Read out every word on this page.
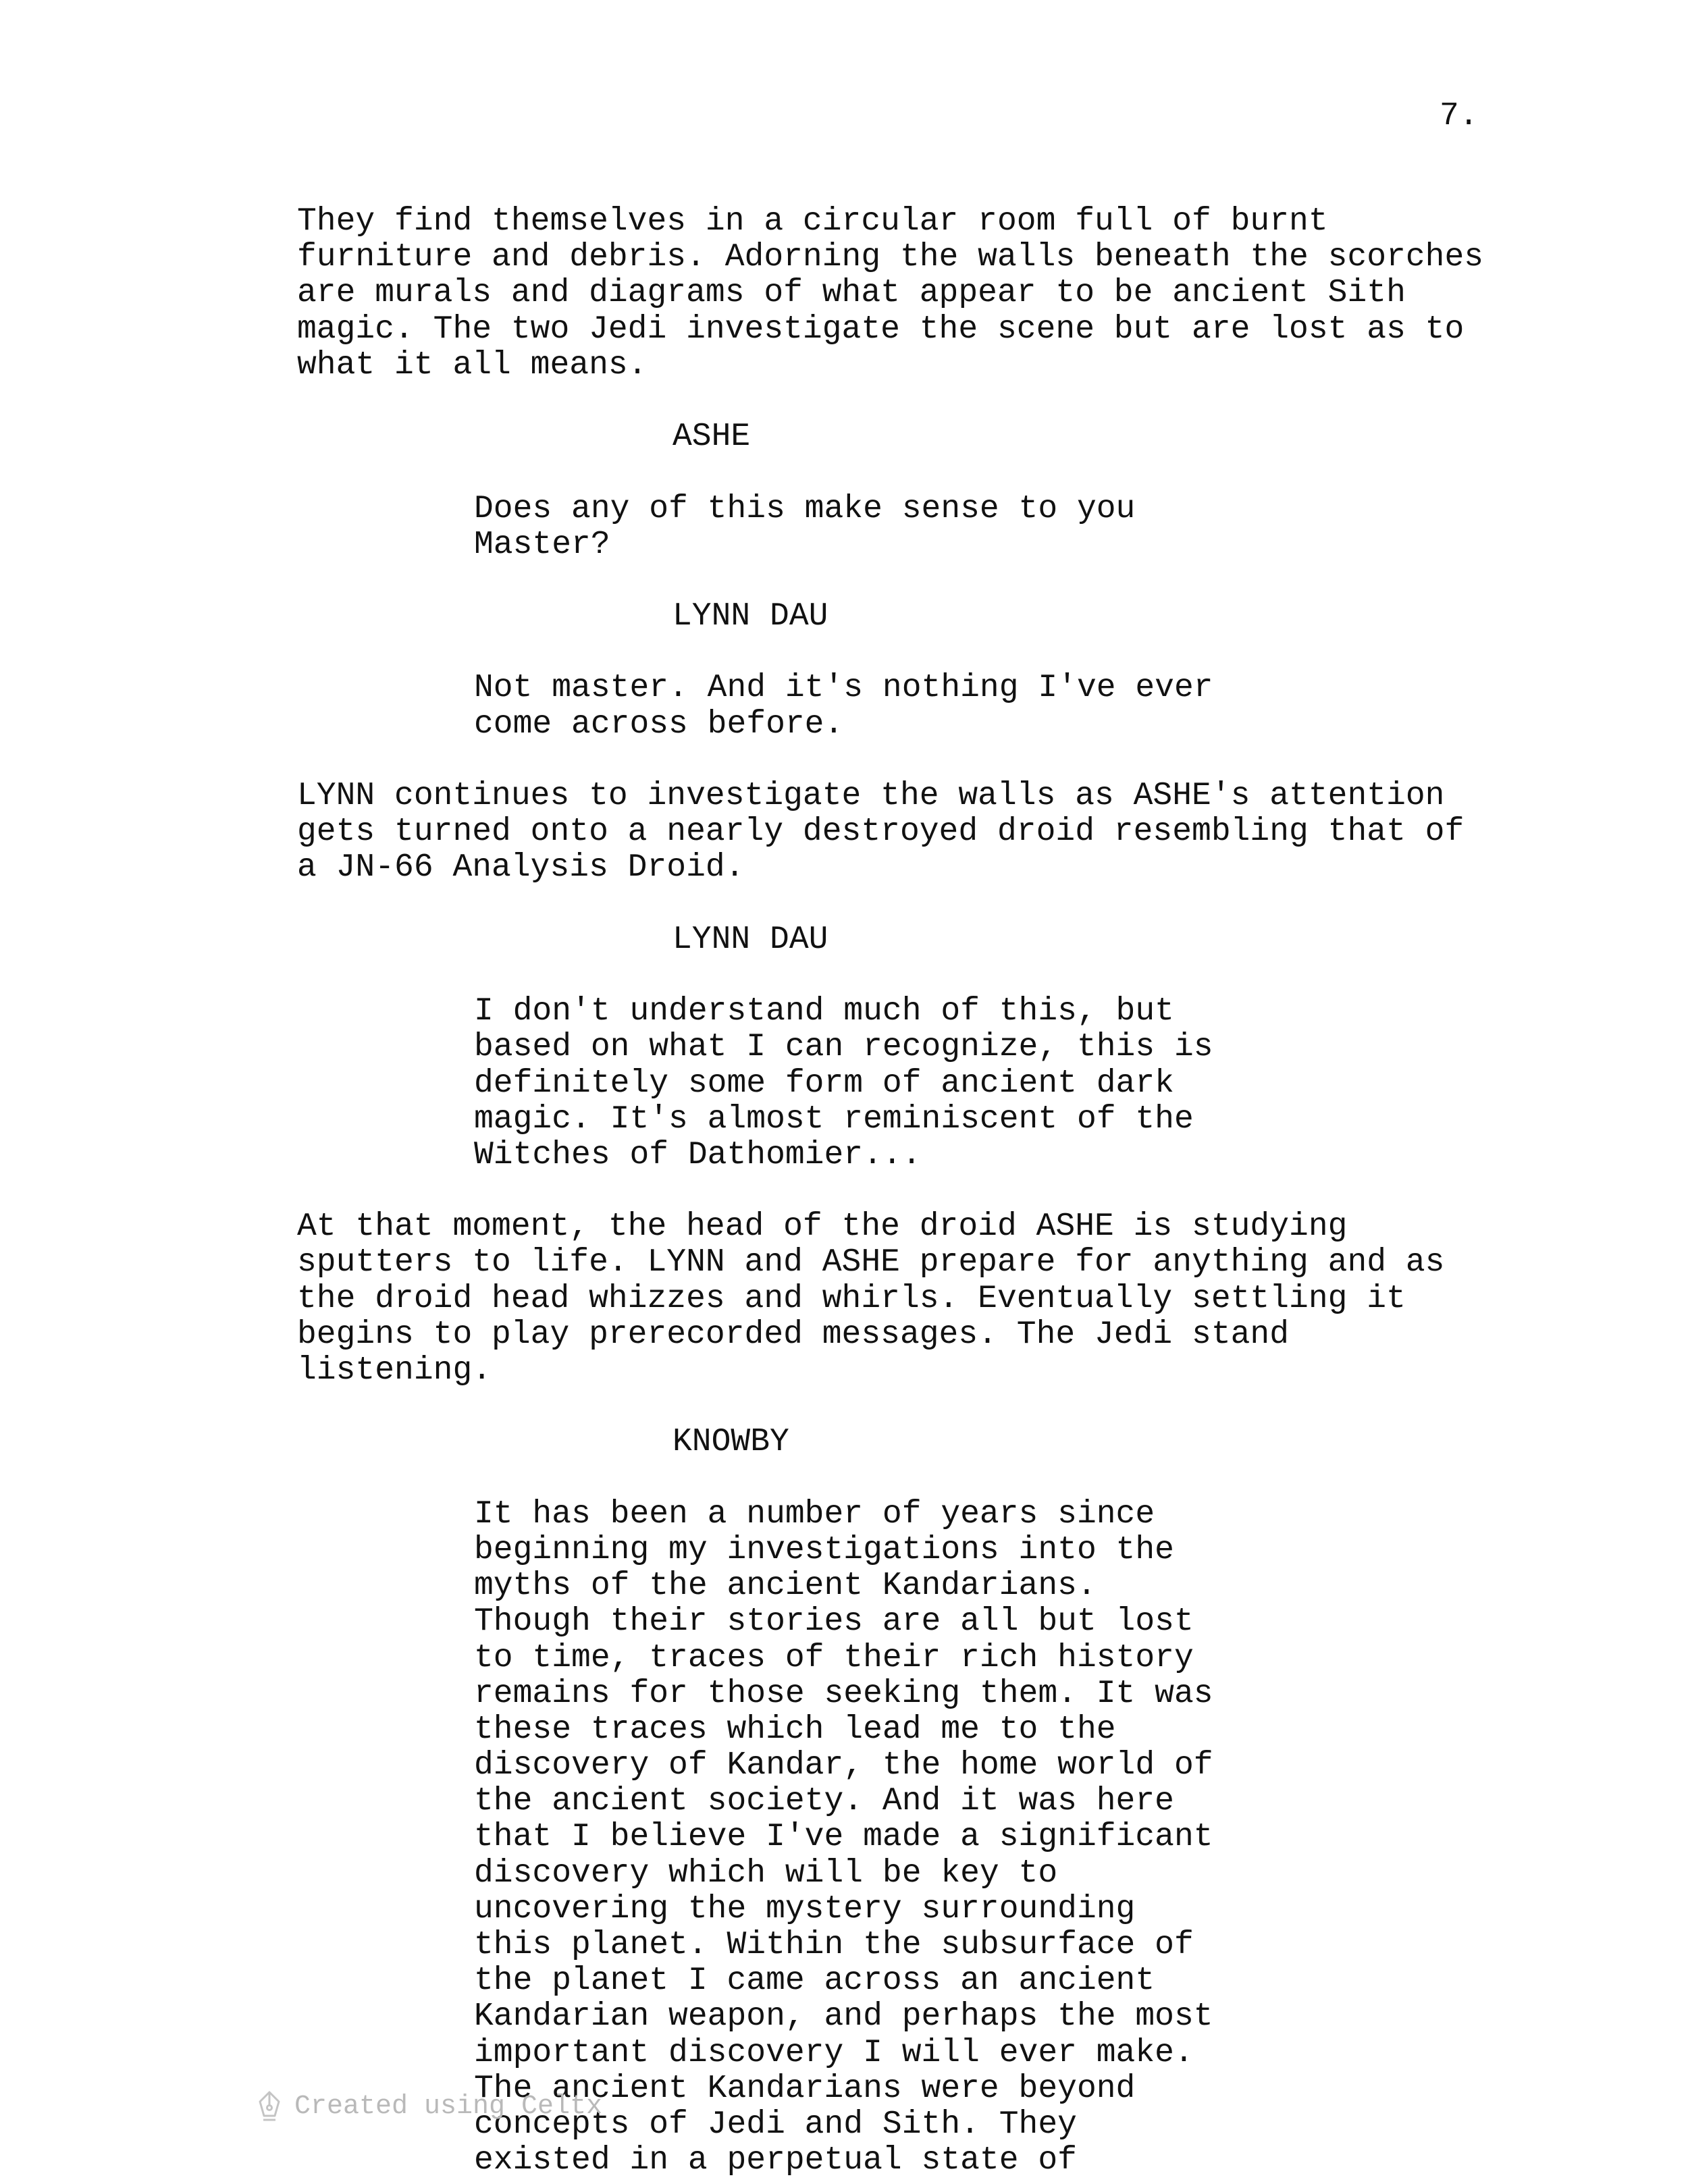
7.
They find themselves in a circular room full of burnt
furniture and debris. Adorning the walls beneath the scorches
are murals and diagrams of what appear to be ancient Sith
magic. The two Jedi investigate the scene but are lost as to
what it all means.
ASHE
Does any of this make sense to you
Master?
LYNN DAU
Not master. And it's nothing I've ever
come across before.
LYNN continues to investigate the walls as ASHE's attention
gets turned onto a nearly destroyed droid resembling that of
a JN-66 Analysis Droid.
LYNN DAU
I don't understand much of this, but
based on what I can recognize, this is
definitely some form of ancient dark
magic. It's almost reminiscent of the
Witches of Dathomier...
At that moment, the head of the droid ASHE is studying
sputters to life. LYNN and ASHE prepare for anything and as
the droid head whizzes and whirls. Eventually settling it
begins to play prerecorded messages. The Jedi stand
listening.
KNOWBY
It has been a number of years since
beginning my investigations into the
myths of the ancient Kandarians.
Though their stories are all but lost
to time, traces of their rich history
remains for those seeking them. It was
these traces which lead me to the
discovery of Kandar, the home world of
the ancient society. And it was here
that I believe I've made a significant
discovery which will be key to
uncovering the mystery surrounding
this planet. Within the subsurface of
the planet I came across an ancient
Kandarian weapon, and perhaps the most
important discovery I will ever make.
The ancient Kandarians were beyond
concepts of Jedi and Sith. They
existed in a perpetual state of
Created using Celtx
